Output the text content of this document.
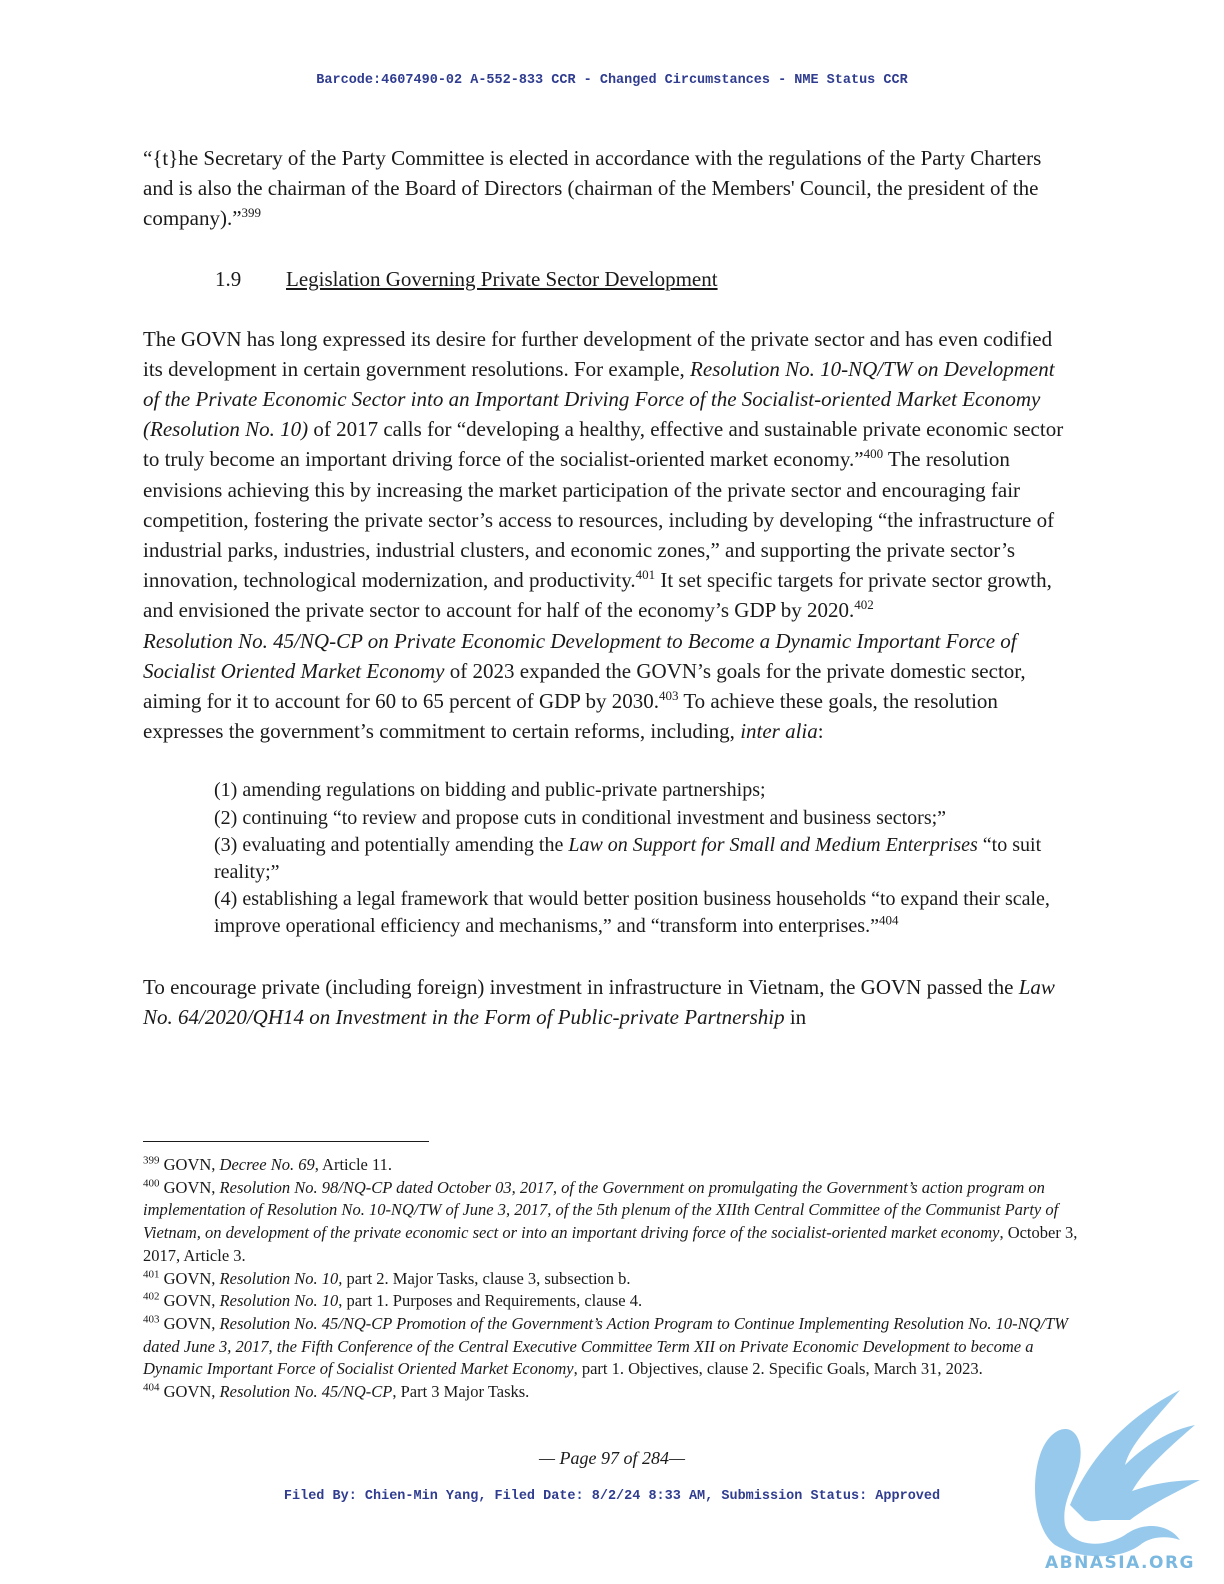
Barcode:4607490-02 A-552-833 CCR - Changed Circumstances - NME Status CCR

“{t}he Secretary of the Party Committee is elected in accordance with the regulations of the Party Charters and is also the chairman of the Board of Directors (chairman of the Members' Council, the president of the company).”$^{399}$

1.9 Legislation Governing Private Sector Development

The GOVN has long expressed its desire for further development of the private sector and has even codified its development in certain government resolutions. For example, Resolution No. 10-NQ/TW on Development of the Private Economic Sector into an Important Driving Force of the Socialist-oriented Market Economy (Resolution No. 10) of 2017 calls for “developing a healthy, effective and sustainable private economic sector to truly become an important driving force of the socialist-oriented market economy.”$^{400}$ The resolution envisions achieving this by increasing the market participation of the private sector and encouraging fair competition, fostering the private sector’s access to resources, including by developing “the infrastructure of industrial parks, industries, industrial clusters, and economic zones,” and supporting the private sector’s innovation, technological modernization, and productivity.$^{401}$ It set specific targets for private sector growth, and envisioned the private sector to account for half of the economy’s GDP by 2020.$^{402}$

Resolution No. 45/NQ-CP on Private Economic Development to Become a Dynamic Important Force of Socialist Oriented Market Economy of 2023 expanded the GOVN’s goals for the private domestic sector, aiming for it to account for 60 to 65 percent of GDP by 2030.$^{403}$ To achieve these goals, the resolution expresses the government’s commitment to certain reforms, including, inter alia:

(1) amending regulations on bidding and public-private partnerships;

(2) continuing “to review and propose cuts in conditional investment and business sectors;”

(3) evaluating and potentially amending the Law on Support for Small and Medium Enterprises “to suit reality;”

(4) establishing a legal framework that would better position business households “to expand their scale, improve operational efficiency and mechanisms,” and “transform into enterprises.”$^{404}$

To encourage private (including foreign) investment in infrastructure in Vietnam, the GOVN passed the Law No. 64/2020/QH14 on Investment in the Form of Public-private Partnership in

$^{399}$ GOVN, Decree No. 69, Article 11.

$^{400}$ GOVN, Resolution No. 98/NQ-CP dated October 03, 2017, of the Government on promulgating the Government’s action program on implementation of Resolution No. 10-NQ/TW of June 3, 2017, of the 5th plenum of the XIIth Central Committee of the Communist Party of Vietnam, on development of the private economic sect or into an important driving force of the socialist-oriented market economy, October 3, 2017, Article 3.

$^{401}$ GOVN, Resolution No. 10, part 2. Major Tasks, clause 3, subsection b.

$^{402}$ GOVN, Resolution No. 10, part 1. Purposes and Requirements, clause 4.

$^{403}$ GOVN, Resolution No. 45/NQ-CP Promotion of the Government’s Action Program to Continue Implementing Resolution No. 10-NQ/TW dated June 3, 2017, the Fifth Conference of the Central Executive Committee Term XII on Private Economic Development to become a Dynamic Important Force of Socialist Oriented Market Economy, part 1. Objectives, clause 2. Specific Goals, March 31, 2023.

$^{404}$ GOVN, Resolution No. 45/NQ-CP, Part 3 Major Tasks.

— Page 97 of 284—
Filed By: Chien-Min Yang, Filed Date: 8/2/24 8:33 AM, Submission Status: Approved
ABNASIA.ORG
